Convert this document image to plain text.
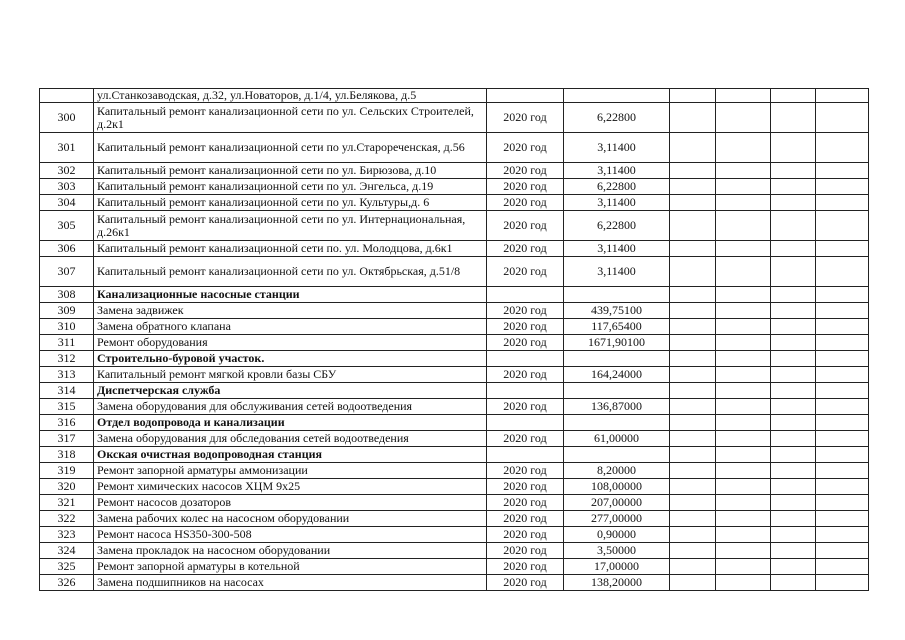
	ул.Станкозаводская, д.32, ул.Новаторов, д.1/4, ул.Белякова, д.5						
300	Капитальный ремонт канализационной сети по ул. Сельских Строителей, д.2к1	2020 год	6,22800				
301	Капитальный ремонт канализационной сети по ул.Старореченская, д.56	2020 год	3,11400				
302	Капитальный ремонт канализационной сети по ул. Бирюзова, д.10	2020 год	3,11400				
303	Капитальный ремонт канализационной сети по ул. Энгельса, д.19	2020 год	6,22800				
304	Капитальный ремонт канализационной сети по ул. Культуры,д. 6	2020 год	3,11400				
305	Капитальный ремонт канализационной сети по ул. Интернациональная, д.26к1	2020 год	6,22800				
306	Капитальный ремонт канализационной сети по. ул. Молодцова, д.6к1	2020 год	3,11400				
307	Капитальный ремонт канализационной сети по ул. Октябрьская, д.51/8	2020 год	3,11400				
308	Канализационные насосные станции						
309	Замена задвижек	2020 год	439,75100				
310	Замена обратного клапана	2020 год	117,65400				
311	Ремонт оборудования	2020 год	1671,90100				
312	Строительно-буровой участок.						
313	Капитальный ремонт мягкой кровли базы СБУ	2020 год	164,24000				
314	Диспетчерская служба						
315	Замена оборудования для обслуживания сетей водоотведения	2020 год	136,87000				
316	Отдел водопровода и канализации						
317	Замена оборудования для обследования сетей водоотведения	2020 год	61,00000				
318	Окская очистная водопроводная станция						
319	Ремонт запорной арматуры аммонизации	2020 год	8,20000				
320	Ремонт химических насосов ХЦМ 9х25	2020 год	108,00000				
321	Ремонт насосов дозаторов	2020 год	207,00000				
322	Замена рабочих колес на насосном оборудовании	2020 год	277,00000				
323	Ремонт насоса HS350-300-508	2020 год	0,90000				
324	Замена прокладок на насосном оборудовании	2020 год	3,50000				
325	Ремонт запорной арматуры в котельной	2020 год	17,00000				
326	Замена подшипников на насосах	2020 год	138,20000				
